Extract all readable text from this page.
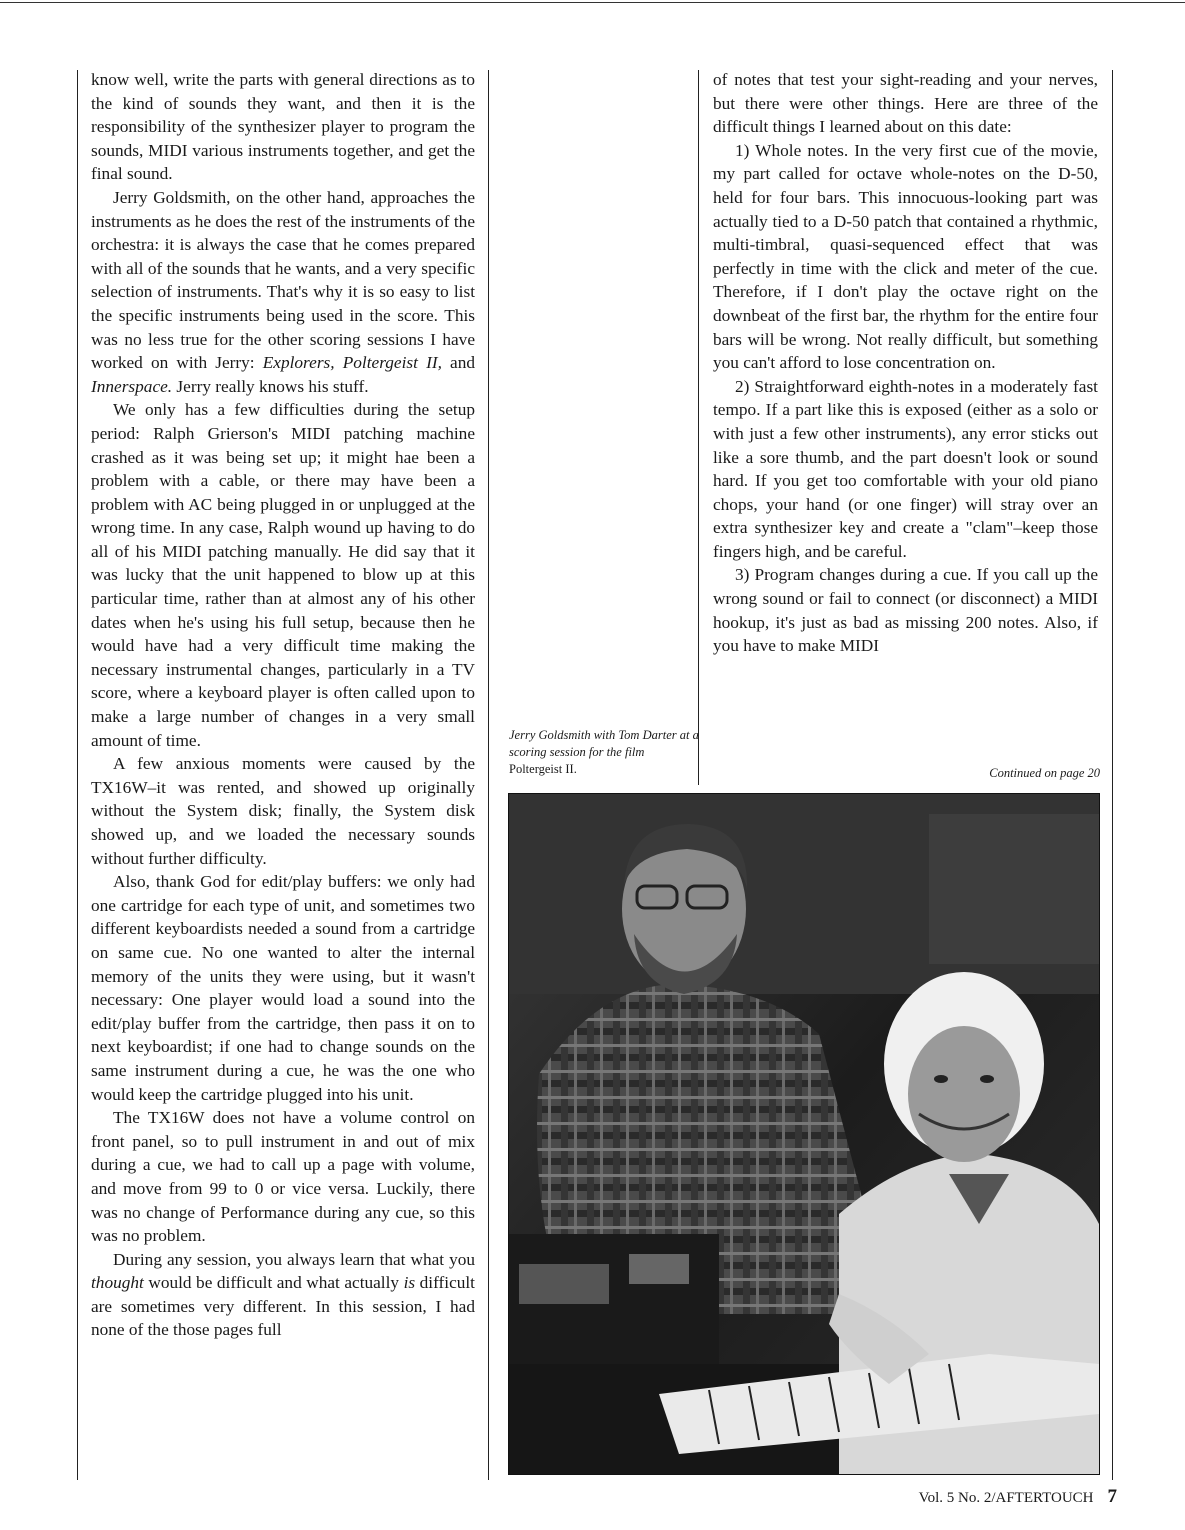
know well, write the parts with general directions as to the kind of sounds they want, and then it is the responsibility of the synthesizer player to program the sounds, MIDI various instruments together, and get the final sound.

Jerry Goldsmith, on the other hand, approaches the instruments as he does the rest of the instruments of the orchestra: it is always the case that he comes prepared with all of the sounds that he wants, and a very specific selection of instruments. That's why it is so easy to list the specific instruments being used in the score. This was no less true for the other scoring sessions I have worked on with Jerry: Explorers, Poltergeist II, and Innerspace. Jerry really knows his stuff.

We only has a few difficulties during the setup period: Ralph Grierson's MIDI patching machine crashed as it was being set up; it might hae been a problem with a cable, or there may have been a problem with AC being plugged in or unplugged at the wrong time. In any case, Ralph wound up having to do all of his MIDI patching manually. He did say that it was lucky that the unit happened to blow up at this particular time, rather than at almost any of his other dates when he's using his full setup, because then he would have had a very difficult time making the necessary instrumental changes, particularly in a TV score, where a keyboard player is often called upon to make a large number of changes in a very small amount of time.

A few anxious moments were caused by the TX16W–it was rented, and showed up originally without the System disk; finally, the System disk showed up, and we loaded the necessary sounds without further difficulty.

Also, thank God for edit/play buffers: we only had one cartridge for each type of unit, and sometimes two different keyboardists needed a sound from a cartridge on same cue. No one wanted to alter the internal memory of the units they were using, but it wasn't necessary: One player would load a sound into the edit/play buffer from the cartridge, then pass it on to next keyboardist; if one had to change sounds on the same instrument during a cue, he was the one who would keep the cartridge plugged into his unit.

The TX16W does not have a volume control on front panel, so to pull instrument in and out of mix during a cue, we had to call up a page with volume, and move from 99 to 0 or vice versa. Luckily, there was no change of Performance during any cue, so this was no problem.

During any session, you always learn that what you thought would be difficult and what actually is difficult are sometimes very different. In this session, I had none of the those pages full

of notes that test your sight-reading and your nerves, but there were other things. Here are three of the difficult things I learned about on this date:

1) Whole notes. In the very first cue of the movie, my part called for octave whole-notes on the D-50, held for four bars. This innocuous-looking part was actually tied to a D-50 patch that contained a rhythmic, multi-timbral, quasi-sequenced effect that was perfectly in time with the click and meter of the cue. Therefore, if I don't play the octave right on the downbeat of the first bar, the rhythm for the entire four bars will be wrong. Not really difficult, but something you can't afford to lose concentration on.

2) Straightforward eighth-notes in a moderately fast tempo. If a part like this is exposed (either as a solo or with just a few other instruments), any error sticks out like a sore thumb, and the part doesn't look or sound hard. If you get too comfortable with your old piano chops, your hand (or one finger) will stray over an extra synthesizer key and create a "clam"–keep those fingers high, and be careful.

3) Program changes during a cue. If you call up the wrong sound or fail to connect (or disconnect) a MIDI hookup, it's just as bad as missing 200 notes. Also, if you have to make MIDI

Continued on page 20
Jerry Goldsmith with Tom Darter at a scoring session for the film Poltergeist II.
Vol. 5 No. 2/AFTERTOUCH 7
